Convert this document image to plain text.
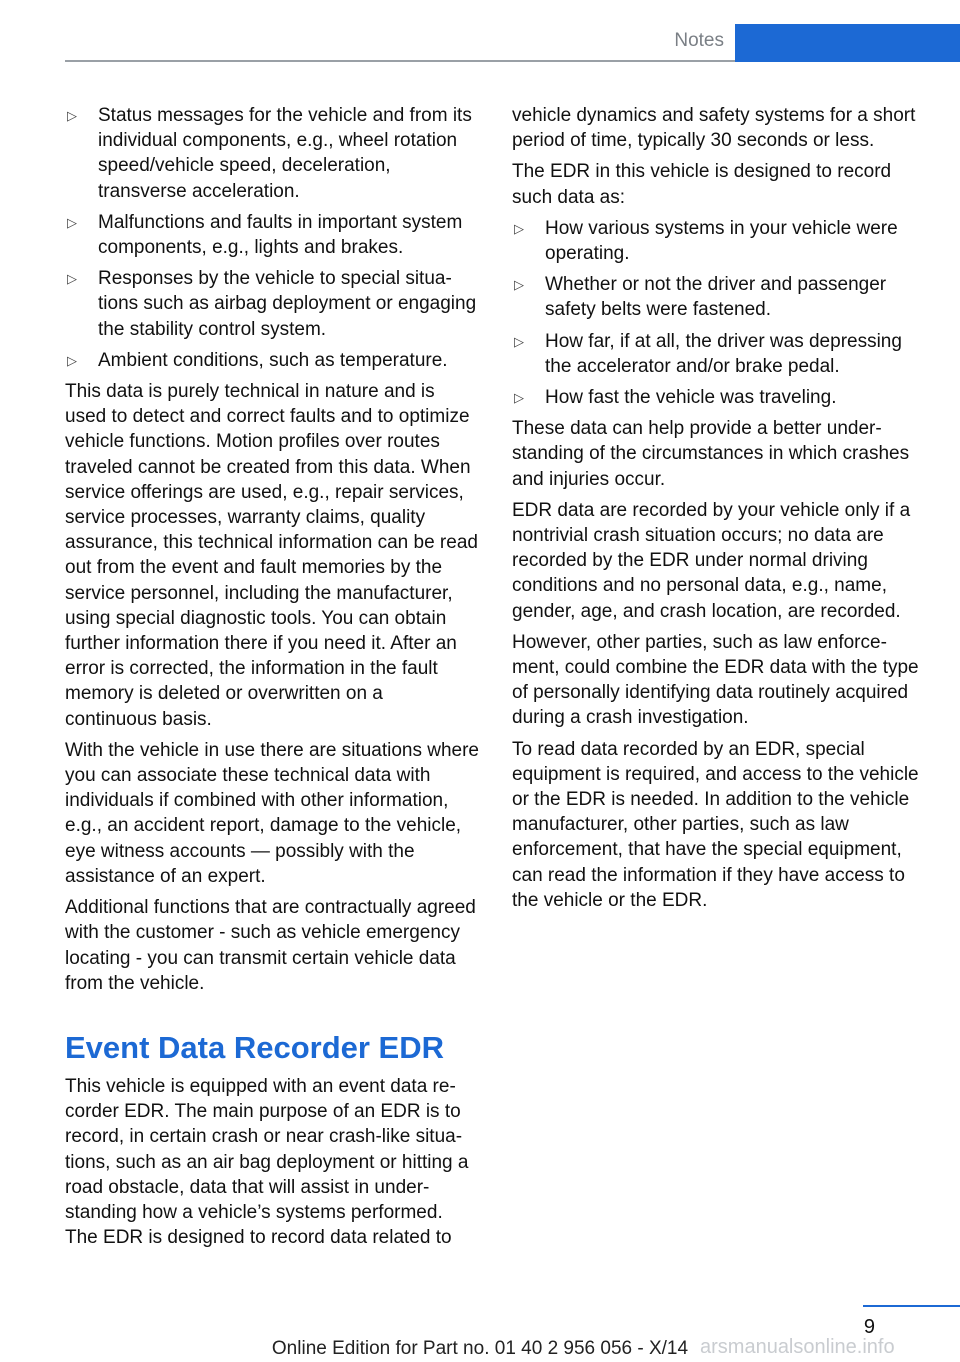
Notes
▷ Status messages for the vehicle and from its individual components, e.g., wheel rotation speed/vehicle speed, deceleration, transverse acceleration.
▷ Malfunctions and faults in important system components, e.g., lights and brakes.
▷ Responses by the vehicle to special situations such as airbag deployment or engaging the stability control system.
▷ Ambient conditions, such as temperature.

This data is purely technical in nature and is used to detect and correct faults and to optimize vehicle functions. Motion profiles over routes traveled cannot be created from this data. When service offerings are used, e.g., repair services, service processes, warranty claims, quality assurance, this technical information can be read out from the event and fault memories by the service personnel, including the manufacturer, using special diagnostic tools. You can obtain further information there if you need it. After an error is corrected, the information in the fault memory is deleted or overwritten on a continuous basis.

With the vehicle in use there are situations where you can associate these technical data with individuals if combined with other information, e.g., an accident report, damage to the vehicle, eye witness accounts — possibly with the assistance of an expert.

Additional functions that are contractually agreed with the customer - such as vehicle emergency locating - you can transmit certain vehicle data from the vehicle.

Event Data Recorder EDR

This vehicle is equipped with an event data recorder EDR. The main purpose of an EDR is to record, in certain crash or near crash-like situations, such as an air bag deployment or hitting a road obstacle, data that will assist in understanding how a vehicle’s systems performed. The EDR is designed to record data related to

vehicle dynamics and safety systems for a short period of time, typically 30 seconds or less.

The EDR in this vehicle is designed to record such data as:

▷ How various systems in your vehicle were operating.
▷ Whether or not the driver and passenger safety belts were fastened.
▷ How far, if at all, the driver was depressing the accelerator and/or brake pedal.
▷ How fast the vehicle was traveling.

These data can help provide a better understanding of the circumstances in which crashes and injuries occur.

EDR data are recorded by your vehicle only if a nontrivial crash situation occurs; no data are recorded by the EDR under normal driving conditions and no personal data, e.g., name, gender, age, and crash location, are recorded.

However, other parties, such as law enforcement, could combine the EDR data with the type of personally identifying data routinely acquired during a crash investigation.

To read data recorded by an EDR, special equipment is required, and access to the vehicle or the EDR is needed. In addition to the vehicle manufacturer, other parties, such as law enforcement, that have the special equipment, can read the information if they have access to the vehicle or the EDR.

9
Online Edition for Part no. 01 40 2 956 056 - X/14 arsmanualsonline.info
